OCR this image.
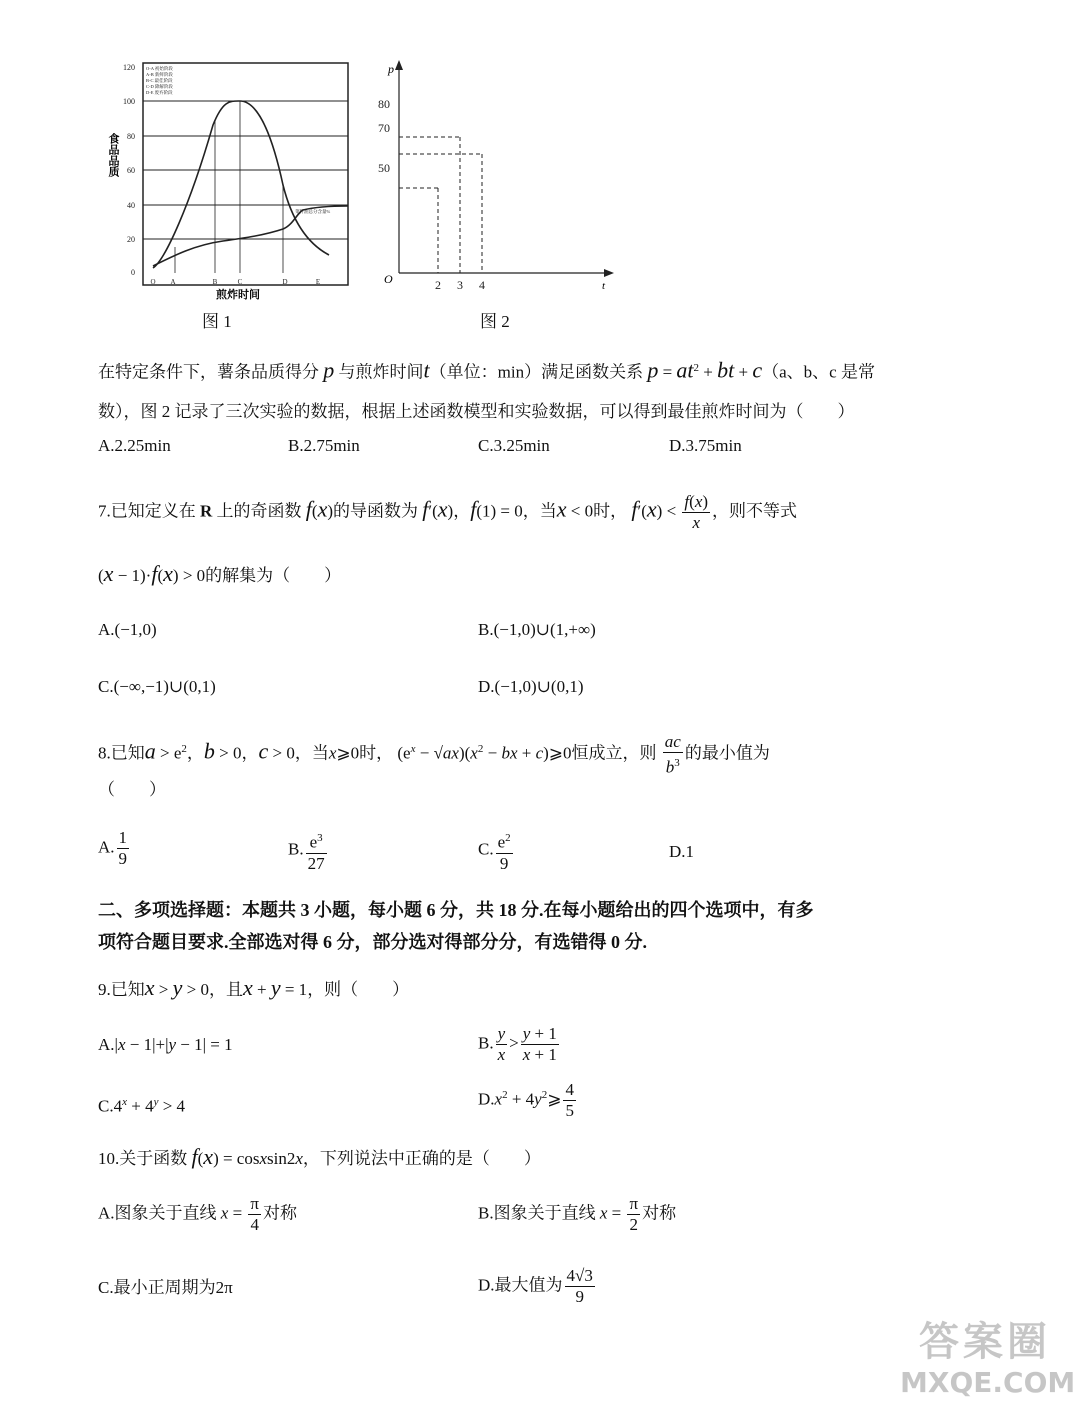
120
100
80
60
40
20
0
食品品质
O-A 初始阶段
A-B 新鲜阶段
B-C 最佳阶段
C-D 降解阶段
D-E 废弃阶段
菜籽油总分含量%
O A	B	C	D	E
煎炸时间
图 1
p
t
O
80
70
50
2 3 4
图 2
在特定条件下，薯条品质得分 p 与煎炸时间t（单位：min）满足函数关系 $p = at^2$ + bt + c（a、b、c 是常
数），图 2 记录了三次实验的数据，根据上述函数模型和实验数据，可以得到最佳煎炸时间为（　　）
A.2.25min	B.2.75min	C.3.25min	D.3.75min
7.已知定义在 R 上的奇函数 f(x)的导函数为 f′(x)，f(1) = 0，当x < 0时， $f'(x) < \frac{f(x)}{x}$ ，则不等式
(x − 1)·f(x) > 0的解集为（　　）
A.(−1,0)	B.(−1,0)∪(1,+∞)
C.(−∞,−1)∪(0,1)	D.(−1,0)∪(0,1)
8.已知$a > e^2$，b > 0，c > 0，当x⩾0时， $(e^x - √ax)(x^2$ − bx + c)⩾0恒成立，则 $\frac{ac}{b^3}$ 的最小值为
（　　）
A. $\frac{1}{9}$	B. $\frac{e^3}{27}$	C. $\frac{e^2}{9}$	D.1
二、多项选择题：本题共 3 小题，每小题 6 分，共 18 分.在每小题给出的四个选项中，有多
项符合题目要求.全部选对得 6 分，部分选对得部分分，有选错得 0 分.
9.已知x > y > 0，且x + y = 1，则（　　）
A.|x − 1|+|y − 1| = 1	B. $\frac{y}{x} > \frac{y + 1}{x + 1}$
$C.4^x + 4^y > 4$	$D.x^2$ + $4y^2⩾ \frac{4}{5}$
10.关于函数 f(x) = cosxsin2x，下列说法中正确的是（　　）
A.图象关于直线 $x = \frac{\pi}{4}$ 对称	B.图象关于直线 $x = \frac{\pi}{2}$ 对称
C.最小正周期为2π	D.最大值为 $\frac{4√3}{9}$
答案圈
MXQE.COM
